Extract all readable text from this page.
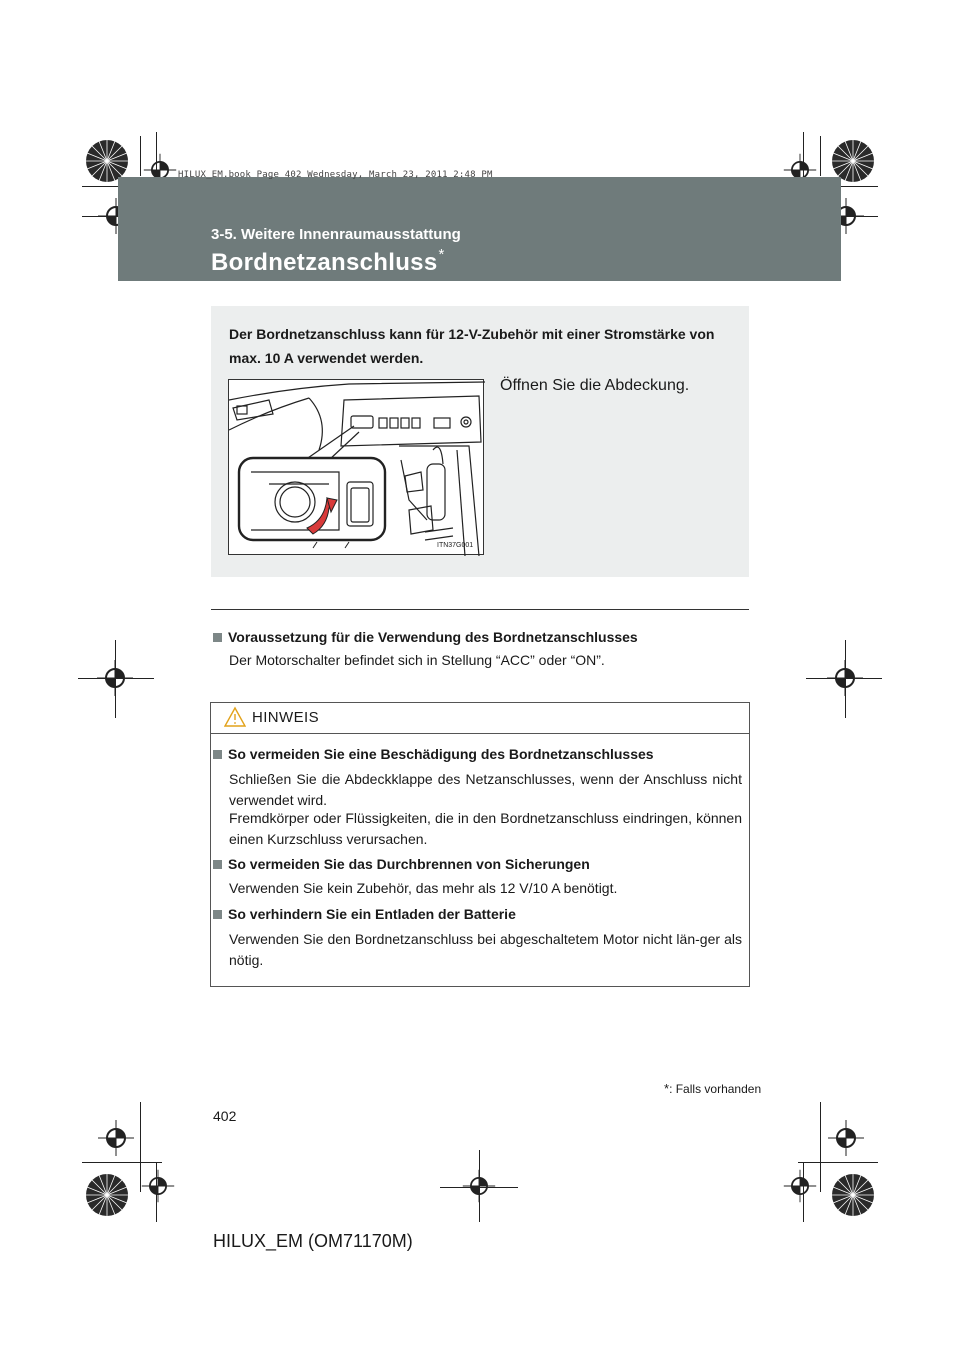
HILUX_EM.book Page 402 Wednesday, March 23, 2011 2:48 PM
3-5. Weitere Innenraumausstattung
Bordnetzanschluss*
Der Bordnetzanschluss kann für 12-V-Zubehör mit einer Stromstärke von max. 10 A verwendet werden.
Öffnen Sie die Abdeckung.
ITN37G001
Voraussetzung für die Verwendung des Bordnetzanschlusses
Der Motorschalter befindet sich in Stellung “ACC” oder “ON”.
HINWEIS
So vermeiden Sie eine Beschädigung des Bordnetzanschlusses
Schließen Sie die Abdeckklappe des Netzanschlusses, wenn der Anschluss nicht verwendet wird.
Fremdkörper oder Flüssigkeiten, die in den Bordnetzanschluss eindringen, können einen Kurzschluss verursachen.
So vermeiden Sie das Durchbrennen von Sicherungen
Verwenden Sie kein Zubehör, das mehr als 12 V/10 A benötigt.
So verhindern Sie ein Entladen der Batterie
Verwenden Sie den Bordnetzanschluss bei abgeschaltetem Motor nicht län-ger als nötig.
*: Falls vorhanden
402
HILUX_EM (OM71170M)
